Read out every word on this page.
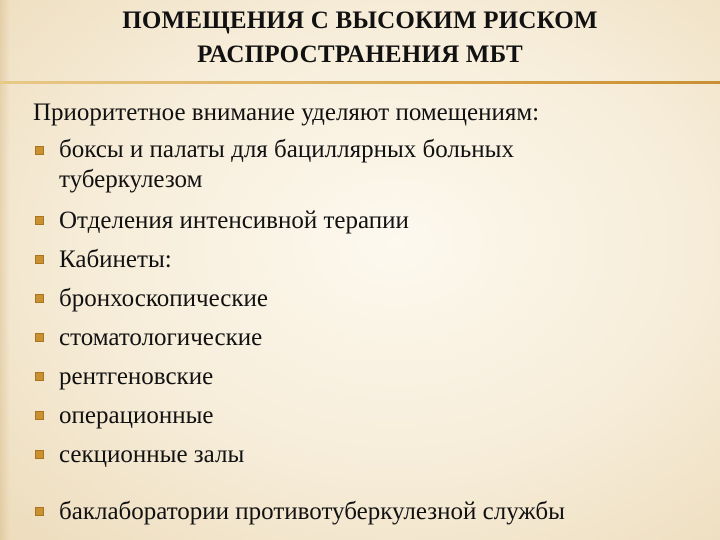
ПОМЕЩЕНИЯ С ВЫСОКИМ РИСКОМ
РАСПРОСТРАНЕНИЯ МБТ
Приоритетное внимание уделяют помещениям:
боксы и палаты для бациллярных больных
туберкулезом
Отделения интенсивной терапии
Кабинеты:
бронхоскопические
стоматологические
рентгеновские
операционные
секционные залы
баклаборатории противотуберкулезной службы
